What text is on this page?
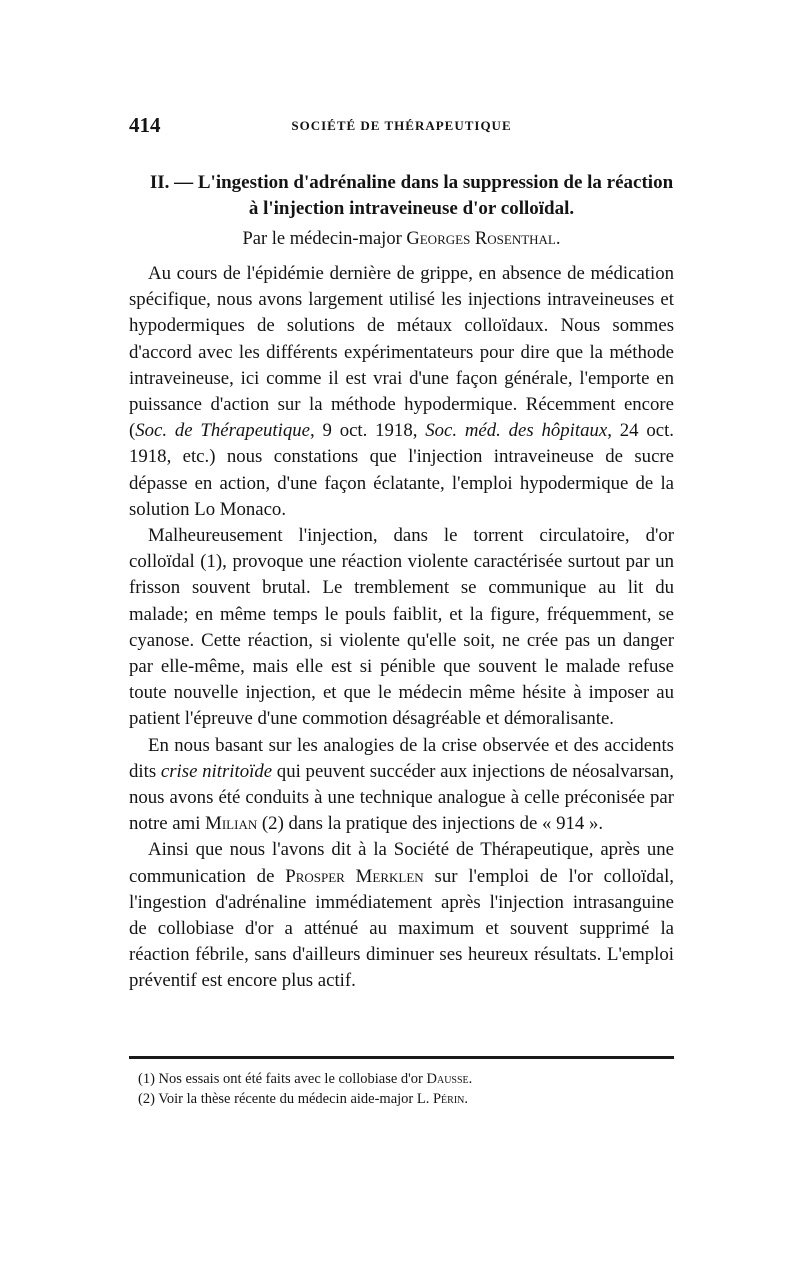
414	SOCIÉTÉ DE THÉRAPEUTIQUE
II. — L'ingestion d'adrénaline dans la suppression de la réaction à l'injection intraveineuse d'or colloïdal.

Par le médecin-major Georges Rosenthal.

Au cours de l'épidémie dernière de grippe, en absence de médication spécifique, nous avons largement utilisé les injections intraveineuses et hypodermiques de solutions de métaux colloïdaux. Nous sommes d'accord avec les différents expérimentateurs pour dire que la méthode intraveineuse, ici comme il est vrai d'une façon générale, l'emporte en puissance d'action sur la méthode hypodermique. Récemment encore (Soc. de Thérapeutique, 9 oct. 1918, Soc. méd. des hôpitaux, 24 oct. 1918, etc.) nous constations que l'injection intraveineuse de sucre dépasse en action, d'une façon éclatante, l'emploi hypodermique de la solution Lo Monaco.

Malheureusement l'injection, dans le torrent circulatoire, d'or colloïdal (1), provoque une réaction violente caractérisée surtout par un frisson souvent brutal. Le tremblement se communique au lit du malade; en même temps le pouls faiblit, et la figure, fréquemment, se cyanose. Cette réaction, si violente qu'elle soit, ne crée pas un danger par elle-même, mais elle est si pénible que souvent le malade refuse toute nouvelle injection, et que le médecin même hésite à imposer au patient l'épreuve d'une commotion désagréable et démoralisante.

En nous basant sur les analogies de la crise observée et des accidents dits crise nitritoïde qui peuvent succéder aux injections de néosalvarsan, nous avons été conduits à une technique analogue à celle préconisée par notre ami Milian (2) dans la pratique des injections de « 914 ».

Ainsi que nous l'avons dit à la Société de Thérapeutique, après une communication de Prosper Merklen sur l'emploi de l'or colloïdal, l'ingestion d'adrénaline immédiatement après l'injection intrasanguine de collobiase d'or a atténué au maximum et souvent supprimé la réaction fébrile, sans d'ailleurs diminuer ses heureux résultats. L'emploi préventif est encore plus actif.

(1) Nos essais ont été faits avec le collobiase d'or Dausse.

(2) Voir la thèse récente du médecin aide-major L. Périn.
